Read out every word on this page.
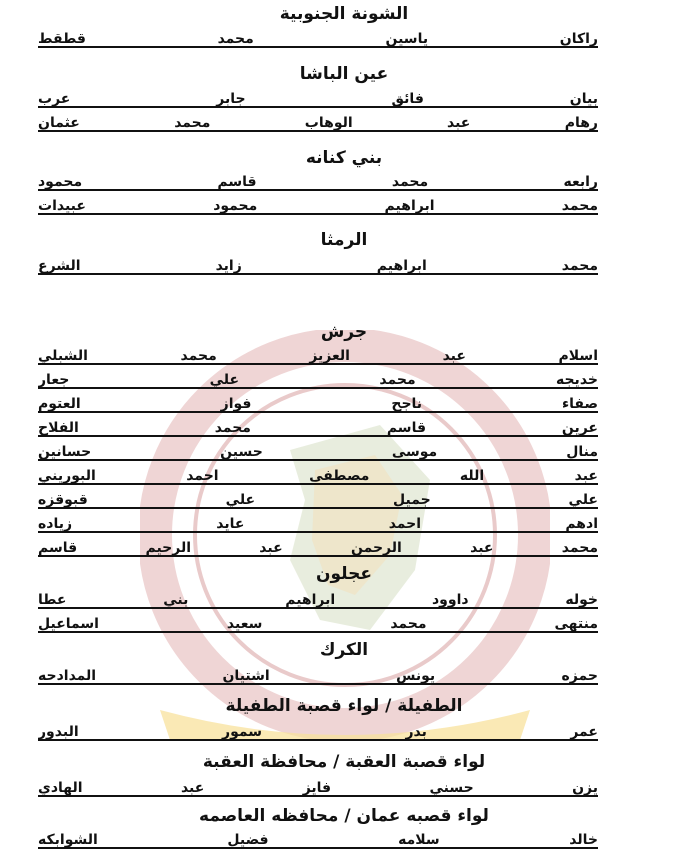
الشونة الجنوبية
راكان ياسين محمد قطقط
عين الباشا
بيان فائق جابر عرب
رهام عبد الوهاب محمد عثمان
بني كنانه
رابعه محمد قاسم محمود
محمد ابراهيم محمود عبيدات
الرمثا
محمد ابراهيم زايد الشرع
جرش
اسلام عبد العزيز محمد الشبلي
خديجه محمد علي جعار
صفاء ناجح فواز العتوم
عرين قاسم محمد الفلاح
منال موسى حسين حسانين
عبد الله مصطفى احمد البوريني
علي جميل علي قبوقزه
ادهم احمد عايد زياده
محمد عبد الرحمن عبد الرحيم قاسم
عجلون
خوله داوود ابراهيم بني عطا
منتهى محمد سعيد اسماعيل
الكرك
حمزه يونس اشتيان المدادحه
الطفيلة / لواء قصبة الطفيلة
عمر بدر سمور البدور
لواء قصبة العقبة / محافظة العقبة
يزن حسني فايز عبد الهادي
لواء قصبه عمان / محافظه العاصمه
خالد سلامه فضيل الشوابكه
